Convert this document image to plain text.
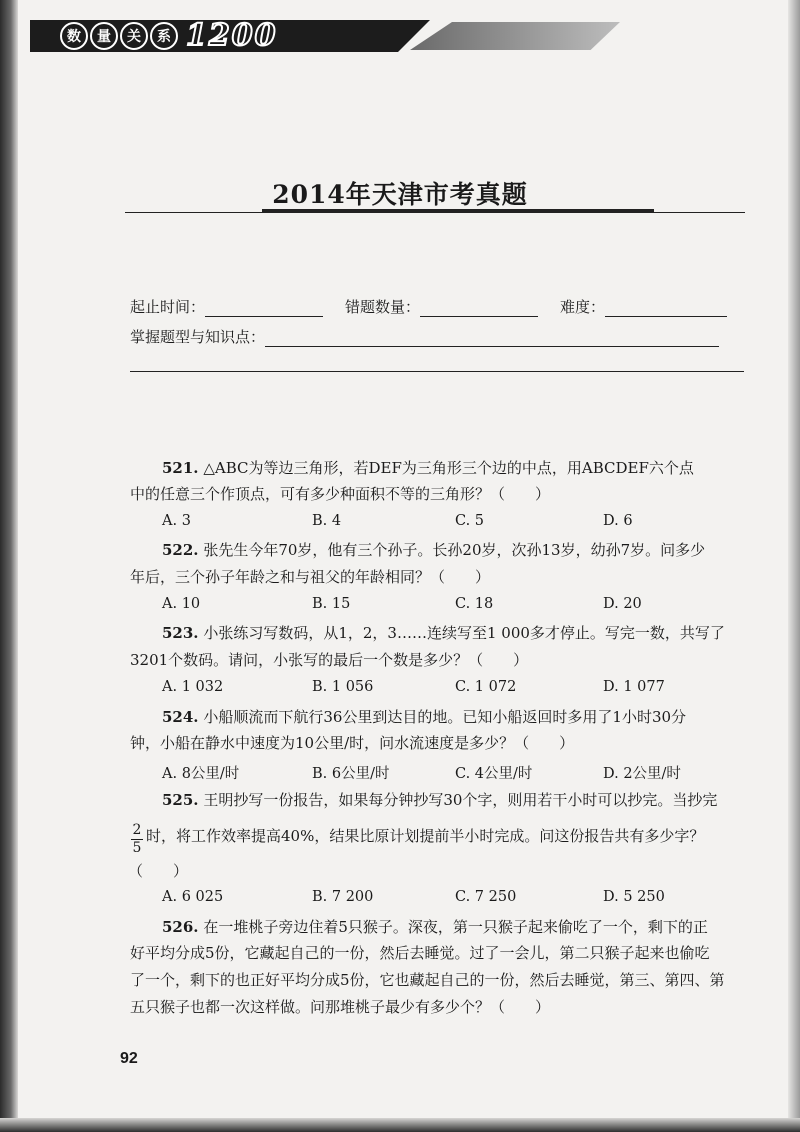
数	量	关	系 1200
2014年天津市考真题
起止时间：	错题数量：	难度：
掌握题型与知识点：
521. △ABC为等边三角形，若DEF为三角形三个边的中点，用ABCDEF六个点
中的任意三个作顶点，可有多少种面积不等的三角形？（　　）
A. 3	B. 4	C. 5	D. 6
522. 张先生今年70岁，他有三个孙子。长孙20岁，次孙13岁，幼孙7岁。问多少
年后，三个孙子年龄之和与祖父的年龄相同？（　　）
A. 10	B. 15	C. 18	D. 20
523. 小张练习写数码，从1，2，3……连续写至1 000多才停止。写完一数，共写了
3201个数码。请问，小张写的最后一个数是多少？（　　）
A. 1 032	B. 1 056	C. 1 072	D. 1 077
524. 小船顺流而下航行36公里到达目的地。已知小船返回时多用了1小时30分
钟，小船在静水中速度为10公里/时，问水流速度是多少？（　　）
A. 8公里/时	B. 6公里/时	C. 4公里/时	D. 2公里/时
525. 王明抄写一份报告，如果每分钟抄写30个字，则用若干小时可以抄完。当抄完
2
5
时，将工作效率提高40%，结果比原计划提前半小时完成。问这份报告共有多少字？
（　　）
A. 6 025	B. 7 200	C. 7 250	D. 5 250
526. 在一堆桃子旁边住着5只猴子。深夜，第一只猴子起来偷吃了一个，剩下的正
好平均分成5份，它藏起自己的一份，然后去睡觉。过了一会儿，第二只猴子起来也偷吃
了一个，剩下的也正好平均分成5份，它也藏起自己的一份，然后去睡觉，第三、第四、第
五只猴子也都一次这样做。问那堆桃子最少有多少个？（　　）
92
